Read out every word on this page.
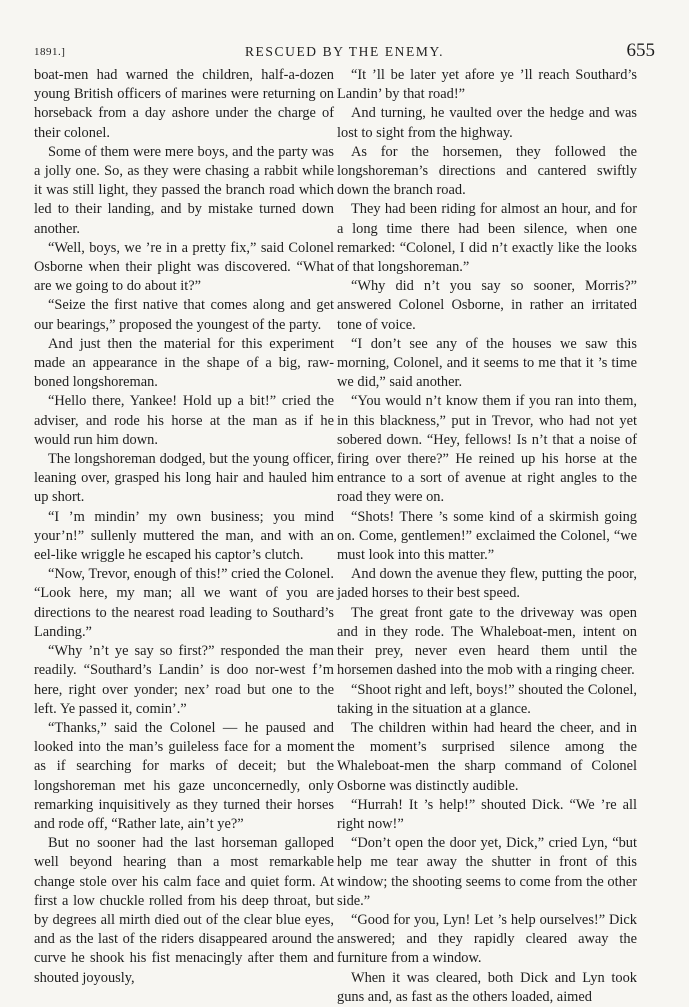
1891.]	RESCUED BY THE ENEMY.	655

boat-men had warned the children, half-a-dozen young British officers of marines were returning on horseback from a day ashore under the charge of their colonel.

Some of them were mere boys, and the party was a jolly one. So, as they were chasing a rabbit while it was still light, they passed the branch road which led to their landing, and by mistake turned down another.

“Well, boys, we ’re in a pretty fix,” said Colonel Osborne when their plight was discovered. “What are we going to do about it?”

“Seize the first native that comes along and get our bearings,” proposed the youngest of the party.

And just then the material for this experiment made an appearance in the shape of a big, raw-boned longshoreman.

“Hello there, Yankee! Hold up a bit!” cried the adviser, and rode his horse at the man as if he would run him down.

The longshoreman dodged, but the young officer, leaning over, grasped his long hair and hauled him up short.

“I ’m mindin’ my own business; you mind your’n!” sullenly muttered the man, and with an eel-like wriggle he escaped his captor’s clutch.

“Now, Trevor, enough of this!” cried the Colonel. “Look here, my man; all we want of you are directions to the nearest road leading to Southard’s Landing.”

“Why ’n’t ye say so first?” responded the man readily. “Southard’s Landin’ is doo nor-west f’m here, right over yonder; nex’ road but one to the left. Ye passed it, comin’.”

“Thanks,” said the Colonel — he paused and looked into the man’s guileless face for a moment as if searching for marks of deceit; but the longshoreman met his gaze unconcernedly, only remarking inquisitively as they turned their horses and rode off, “Rather late, ain’t ye?”

But no sooner had the last horseman galloped well beyond hearing than a most remarkable change stole over his calm face and quiet form. At first a low chuckle rolled from his deep throat, but by degrees all mirth died out of the clear blue eyes, and as the last of the riders disappeared around the curve he shook his fist menacingly after them and shouted joyously,

“It ’ll be later yet afore ye ’ll reach Southard’s Landin’ by that road!”

And turning, he vaulted over the hedge and was lost to sight from the highway.

As for the horsemen, they followed the longshoreman’s directions and cantered swiftly down the branch road.

They had been riding for almost an hour, and for a long time there had been silence, when one remarked: “Colonel, I did n’t exactly like the looks of that longshoreman.”

“Why did n’t you say so sooner, Morris?” answered Colonel Osborne, in rather an irritated tone of voice.

“I don’t see any of the houses we saw this morning, Colonel, and it seems to me that it ’s time we did,” said another.

“You would n’t know them if you ran into them, in this blackness,” put in Trevor, who had not yet sobered down. “Hey, fellows! Is n’t that a noise of firing over there?” He reined up his horse at the entrance to a sort of avenue at right angles to the road they were on.

“Shots! There ’s some kind of a skirmish going on. Come, gentlemen!” exclaimed the Colonel, “we must look into this matter.”

And down the avenue they flew, putting the poor, jaded horses to their best speed.

The great front gate to the driveway was open and in they rode. The Whaleboat-men, intent on their prey, never even heard them until the horsemen dashed into the mob with a ringing cheer.

“Shoot right and left, boys!” shouted the Colonel, taking in the situation at a glance.

The children within had heard the cheer, and in the moment’s surprised silence among the Whaleboat-men the sharp command of Colonel Osborne was distinctly audible.

“Hurrah! It ’s help!” shouted Dick. “We ’re all right now!”

“Don’t open the door yet, Dick,” cried Lyn, “but help me tear away the shutter in front of this window; the shooting seems to come from the other side.”

“Good for you, Lyn! Let ’s help ourselves!” Dick answered; and they rapidly cleared away the furniture from a window.

When it was cleared, both Dick and Lyn took guns and, as fast as the others loaded, aimed
